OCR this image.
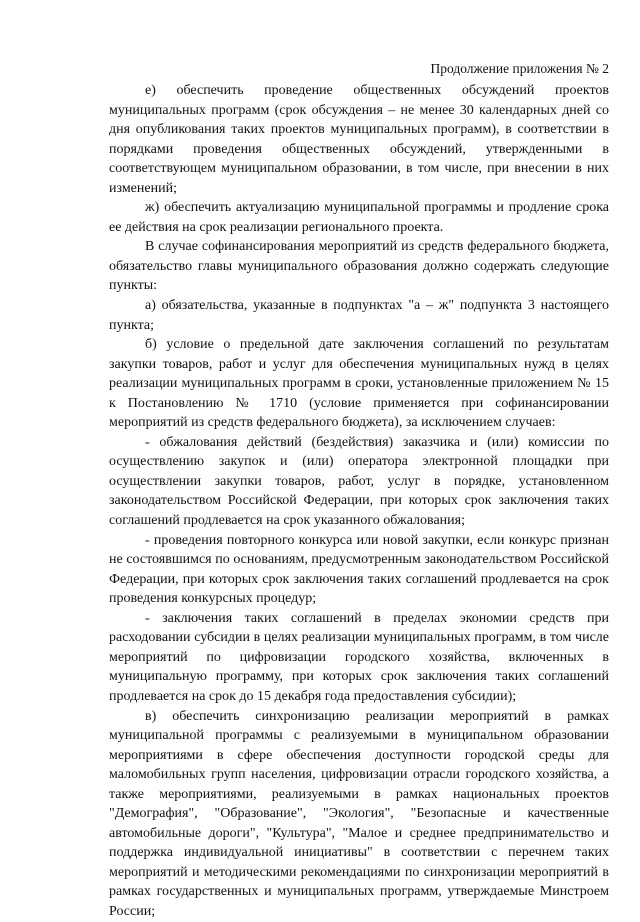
Продолжение приложения № 2

е) обеспечить проведение общественных обсуждений проектов муниципальных программ (срок обсуждения – не менее 30 календарных дней со дня опубликования таких проектов муниципальных программ), в соответствии в порядками проведения общественных обсуждений, утвержденными в соответствующем муниципальном образовании, в том числе, при внесении в них изменений;

ж) обеспечить актуализацию муниципальной программы и продление срока ее действия на срок реализации регионального проекта.

В случае софинансирования мероприятий из средств федерального бюджета, обязательство главы муниципального образования должно содержать следующие пункты:

а) обязательства, указанные в подпунктах "а – ж" подпункта 3 настоящего пункта;

б) условие о предельной дате заключения соглашений по результатам закупки товаров, работ и услуг для обеспечения муниципальных нужд в целях реализации муниципальных программ в сроки, установленные приложением № 15 к Постановлению № 1710 (условие применяется при софинансировании мероприятий из средств федерального бюджета), за исключением случаев:

- обжалования действий (бездействия) заказчика и (или) комиссии по осуществлению закупок и (или) оператора электронной площадки при осуществлении закупки товаров, работ, услуг в порядке, установленном законодательством Российской Федерации, при которых срок заключения таких соглашений продлевается на срок указанного обжалования;

- проведения повторного конкурса или новой закупки, если конкурс признан не состоявшимся по основаниям, предусмотренным законодательством Российской Федерации, при которых срок заключения таких соглашений продлевается на срок проведения конкурсных процедур;

- заключения таких соглашений в пределах экономии средств при расходовании субсидии в целях реализации муниципальных программ, в том числе мероприятий по цифровизации городского хозяйства, включенных в муниципальную программу, при которых срок заключения таких соглашений продлевается на срок до 15 декабря года предоставления субсидии);

в) обеспечить синхронизацию реализации мероприятий в рамках муниципальной программы с реализуемыми в муниципальном образовании мероприятиями в сфере обеспечения доступности городской среды для маломобильных групп населения, цифровизации отрасли городского хозяйства, а также мероприятиями, реализуемыми в рамках национальных проектов "Демография", "Образование", "Экология", "Безопасные и качественные автомобильные дороги", "Культура", "Малое и среднее предпринимательство и поддержка индивидуальной инициативы" в соответствии с перечнем таких мероприятий и методическими рекомендациями по синхронизации мероприятий в рамках государственных и муниципальных программ, утверждаемые Минстроем России;
